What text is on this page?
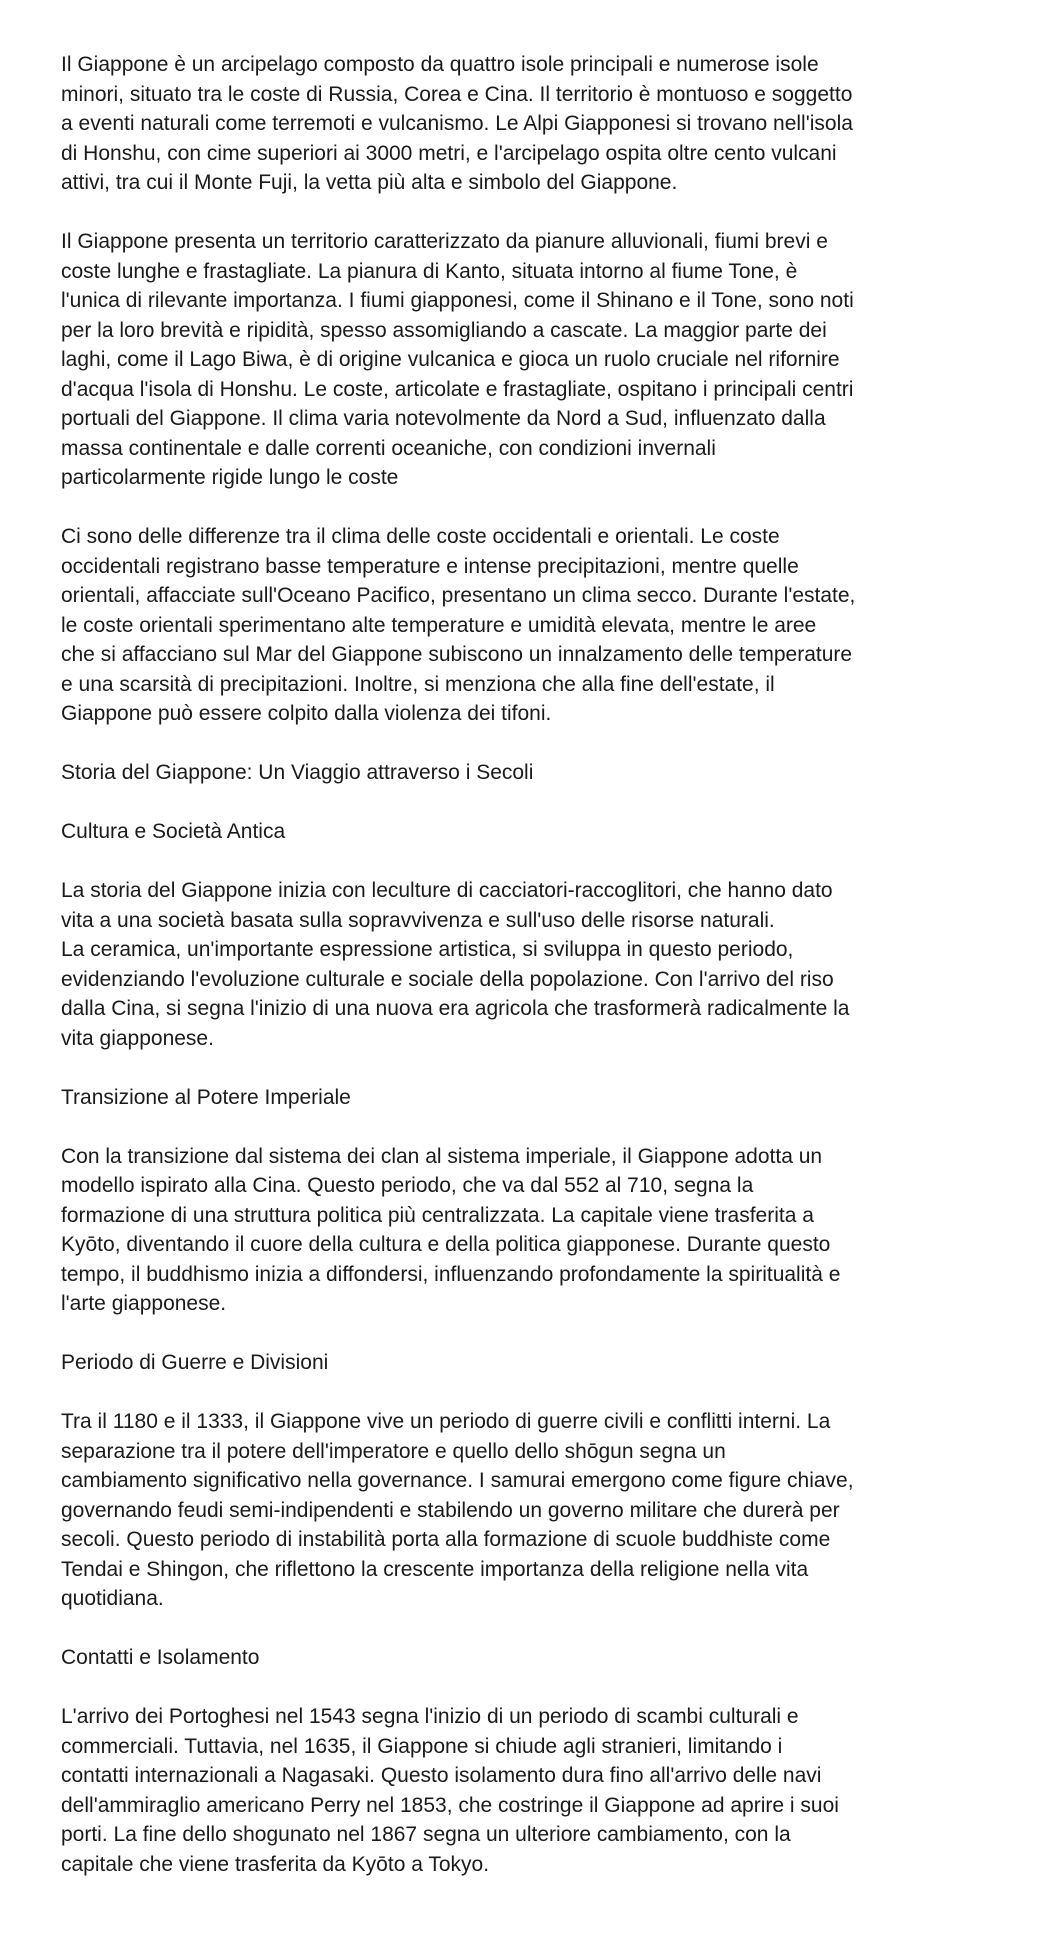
Il Giappone è un arcipelago composto da quattro isole principali e numerose isole
minori, situato tra le coste di Russia, Corea e Cina. Il territorio è montuoso e soggetto
a eventi naturali come terremoti e vulcanismo. Le Alpi Giapponesi si trovano nell'isola
di Honshu, con cime superiori ai 3000 metri, e l'arcipelago ospita oltre cento vulcani
attivi, tra cui il Monte Fuji, la vetta più alta e simbolo del Giappone.

Il Giappone presenta un territorio caratterizzato da pianure alluvionali, fiumi brevi e
coste lunghe e frastagliate. La pianura di Kanto, situata intorno al fiume Tone, è
l'unica di rilevante importanza. I fiumi giapponesi, come il Shinano e il Tone, sono noti
per la loro brevità e ripidità, spesso assomigliando a cascate. La maggior parte dei
laghi, come il Lago Biwa, è di origine vulcanica e gioca un ruolo cruciale nel rifornire
d'acqua l'isola di Honshu. Le coste, articolate e frastagliate, ospitano i principali centri
portuali del Giappone. Il clima varia notevolmente da Nord a Sud, influenzato dalla
massa continentale e dalle correnti oceaniche, con condizioni invernali
particolarmente rigide lungo le coste

Ci sono delle differenze tra il clima delle coste occidentali e orientali. Le coste
occidentali registrano basse temperature e intense precipitazioni, mentre quelle
orientali, affacciate sull'Oceano Pacifico, presentano un clima secco. Durante l'estate,
le coste orientali sperimentano alte temperature e umidità elevata, mentre le aree
che si affacciano sul Mar del Giappone subiscono un innalzamento delle temperature
e una scarsità di precipitazioni. Inoltre, si menziona che alla fine dell'estate, il
Giappone può essere colpito dalla violenza dei tifoni.

Storia del Giappone: Un Viaggio attraverso i Secoli

Cultura e Società Antica

La storia del Giappone inizia con leculture di cacciatori-raccoglitori, che hanno dato
vita a una società basata sulla sopravvivenza e sull'uso delle risorse naturali.
La ceramica, un'importante espressione artistica, si sviluppa in questo periodo,
evidenziando l'evoluzione culturale e sociale della popolazione. Con l'arrivo del riso
dalla Cina, si segna l'inizio di una nuova era agricola che trasformerà radicalmente la
vita giapponese.

Transizione al Potere Imperiale

Con la transizione dal sistema dei clan al sistema imperiale, il Giappone adotta un
modello ispirato alla Cina. Questo periodo, che va dal 552 al 710, segna la
formazione di una struttura politica più centralizzata. La capitale viene trasferita a
Kyōto, diventando il cuore della cultura e della politica giapponese. Durante questo
tempo, il buddhismo inizia a diffondersi, influenzando profondamente la spiritualità e
l'arte giapponese.

Periodo di Guerre e Divisioni

Tra il 1180 e il 1333, il Giappone vive un periodo di guerre civili e conflitti interni. La
separazione tra il potere dell'imperatore e quello dello shōgun segna un
cambiamento significativo nella governance. I samurai emergono come figure chiave,
governando feudi semi-indipendenti e stabilendo un governo militare che durerà per
secoli. Questo periodo di instabilità porta alla formazione di scuole buddhiste come
Tendai e Shingon, che riflettono la crescente importanza della religione nella vita
quotidiana.

Contatti e Isolamento

L'arrivo dei Portoghesi nel 1543 segna l'inizio di un periodo di scambi culturali e
commerciali. Tuttavia, nel 1635, il Giappone si chiude agli stranieri, limitando i
contatti internazionali a Nagasaki. Questo isolamento dura fino all'arrivo delle navi
dell'ammiraglio americano Perry nel 1853, che costringe il Giappone ad aprire i suoi
porti. La fine dello shogunato nel 1867 segna un ulteriore cambiamento, con la
capitale che viene trasferita da Kyōto a Tokyo.
